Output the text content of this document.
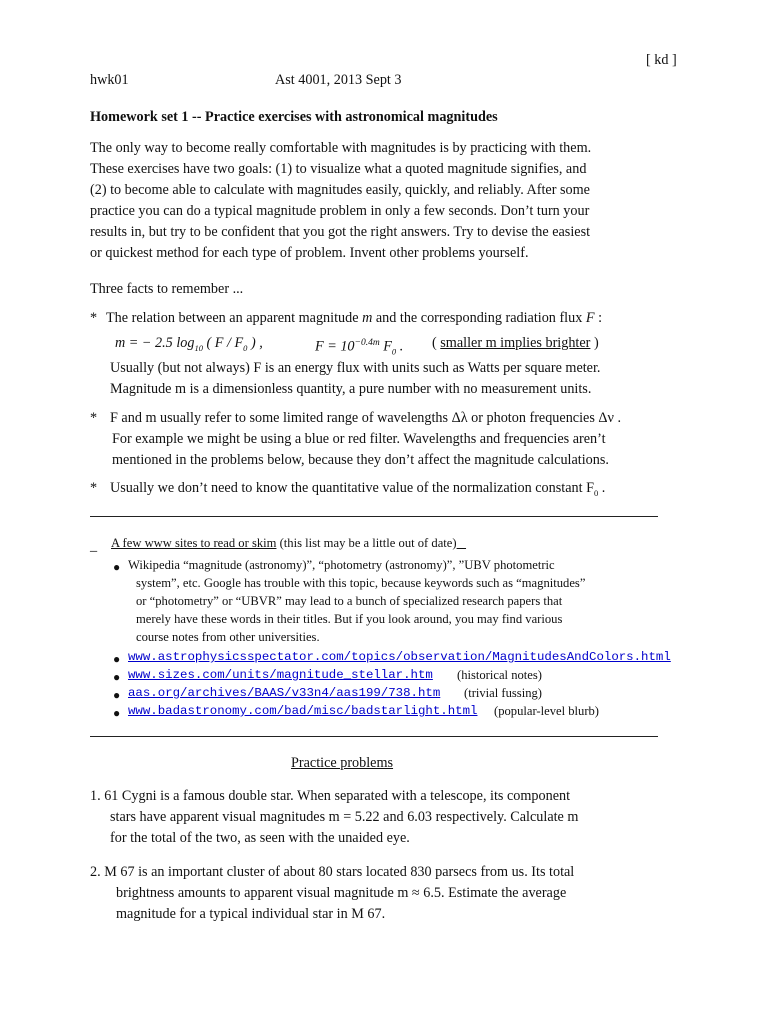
[ kd ]
hwk01	Ast 4001, 2013 Sept 3
Homework set 1 -- Practice exercises with astronomical magnitudes
The only way to become really comfortable with magnitudes is by practicing with them.
These exercises have two goals: (1) to visualize what a quoted magnitude signifies, and
(2) to become able to calculate with magnitudes easily, quickly, and reliably. After some
practice you can do a typical magnitude problem in only a few seconds. Don’t turn your
results in, but try to be confident that you got the right answers. Try to devise the easiest
or quickest method for each type of problem. Invent other problems yourself.
Three facts to remember ...
* The relation between an apparent magnitude m and the corresponding radiation flux F :
m = − 2.5 $\log_{10}$ ( F / $F_0$ ) ,	$F = 10^{-0.4m}$ $F_0$ . ( smaller m implies brighter )
Usually (but not always) F is an energy flux with units such as Watts per square meter.
Magnitude m is a dimensionless quantity, a pure number with no measurement units.
* F and m usually refer to some limited range of wavelengths Δλ or photon frequencies Δν .
For example we might be using a blue or red filter. Wavelengths and frequencies aren’t
mentioned in the problems below, because they don’t affect the magnitude calculations.
* Usually we don’t need to know the quantitative value of the normalization constant $F_0$ .
– A few www sites to read or skim (this list may be a little out of date)
● Wikipedia “magnitude (astronomy)”, “photometry (astronomy)”, ”UBV photometric
system”, etc. Google has trouble with this topic, because keywords such as “magnitudes”
or “photometry” or “UBVR” may lead to a bunch of specialized research papers that
merely have these words in their titles. But if you look around, you may find various
course notes from other universities.
● www.astrophysicsspectator.com/topics/observation/MagnitudesAndColors.html
● www.sizes.com/units/magnitude_stellar.htm (historical notes)
● aas.org/archives/BAAS/v33n4/aas199/738.htm (trivial fussing)
● www.badastronomy.com/bad/misc/badstarlight.html (popular-level blurb)
Practice problems
1. 61 Cygni is a famous double star. When separated with a telescope, its component
stars have apparent visual magnitudes m = 5.22 and 6.03 respectively. Calculate m
for the total of the two, as seen with the unaided eye.
2. M 67 is an important cluster of about 80 stars located 830 parsecs from us. Its total
brightness amounts to apparent visual magnitude m ≈ 6.5. Estimate the average
magnitude for a typical individual star in M 67.
